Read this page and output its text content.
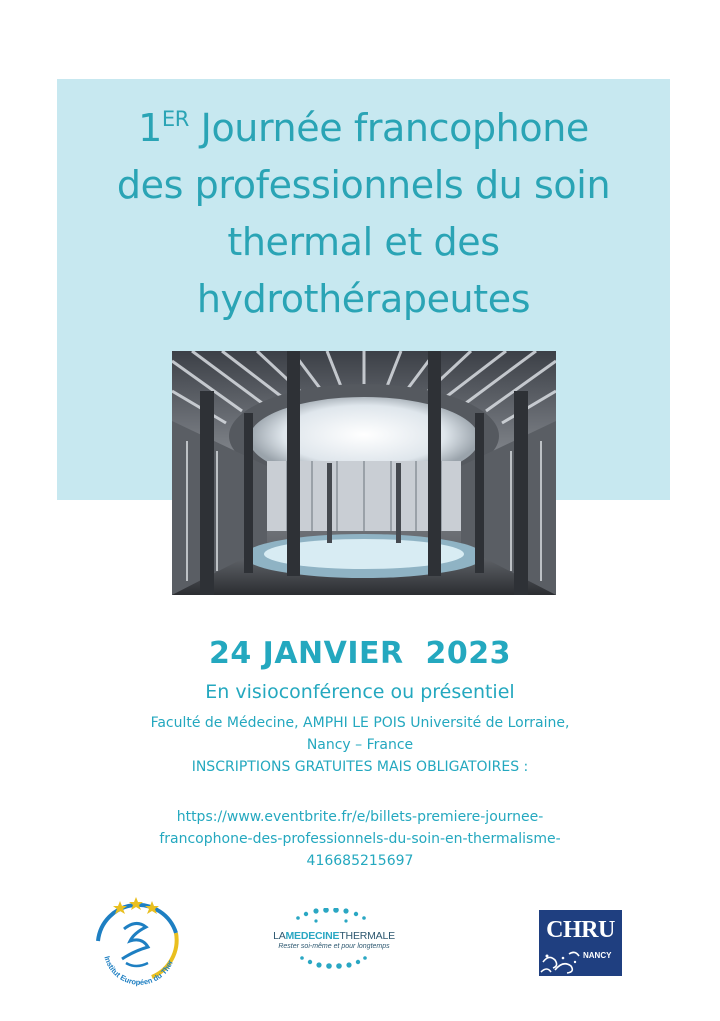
1ER Journée francophone
des professionnels du soin
thermal et des
hydrothérapeutes
24 JANVIER  2023
En visioconférence ou présentiel
Faculté de Médecine, AMPHI LE POIS Université de Lorraine,
Nancy – France
INSCRIPTIONS GRATUITES MAIS OBLIGATOIRES :
https://www.eventbrite.fr/e/billets-premiere-journee-
francophone-des-professionnels-du-soin-en-thermalisme-
416685215697
Institut Européen du Ther
LAMEDECINETHERMALE
Rester soi-même et pour longtemps
CHRU
NANCY
